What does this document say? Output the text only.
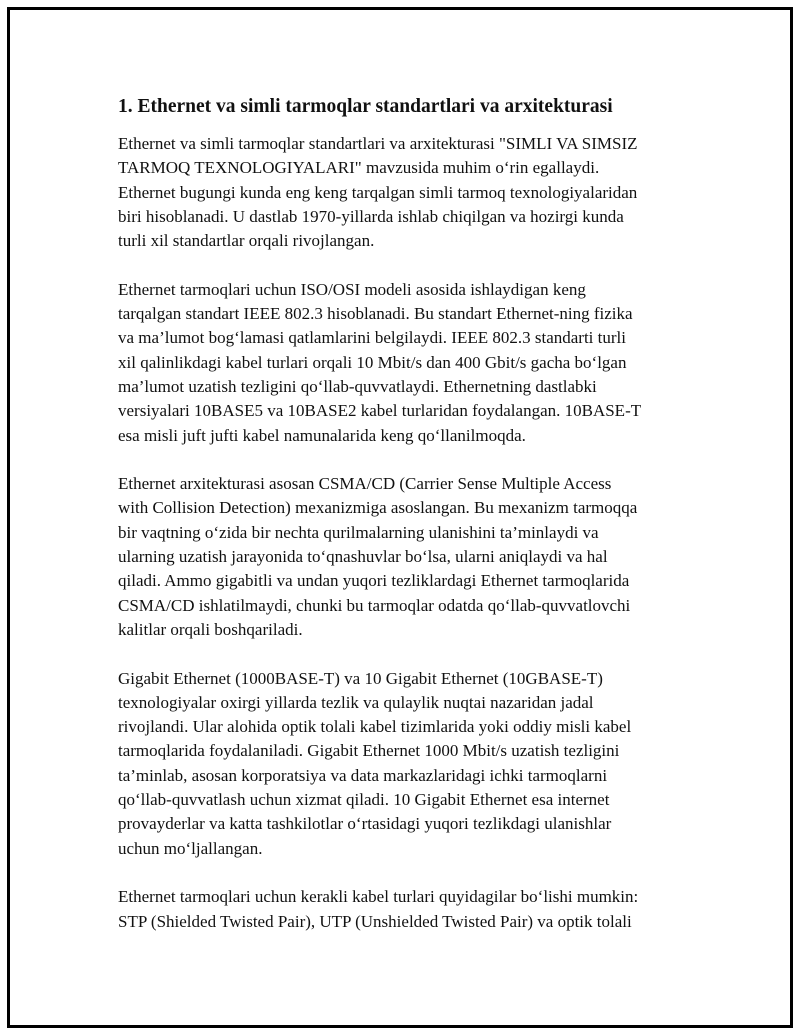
1. Ethernet va simli tarmoqlar standartlari va arxitekturasi

Ethernet va simli tarmoqlar standartlari va arxitekturasi "SIMLI VA SIMSIZ
TARMOQ TEXNOLOGIYALARI" mavzusida muhim o‘rin egallaydi.
Ethernet bugungi kunda eng keng tarqalgan simli tarmoq texnologiyalaridan
biri hisoblanadi. U dastlab 1970-yillarda ishlab chiqilgan va hozirgi kunda
turli xil standartlar orqali rivojlangan.

Ethernet tarmoqlari uchun ISO/OSI modeli asosida ishlaydigan keng
tarqalgan standart IEEE 802.3 hisoblanadi. Bu standart Ethernet-ning fizika
va ma’lumot bog‘lamasi qatlamlarini belgilaydi. IEEE 802.3 standarti turli
xil qalinlikdagi kabel turlari orqali 10 Mbit/s dan 400 Gbit/s gacha bo‘lgan
ma’lumot uzatish tezligini qo‘llab-quvvatlaydi. Ethernetning dastlabki
versiyalari 10BASE5 va 10BASE2 kabel turlaridan foydalangan. 10BASE-T
esa misli juft jufti kabel namunalarida keng qo‘llanilmoqda.

Ethernet arxitekturasi asosan CSMA/CD (Carrier Sense Multiple Access
with Collision Detection) mexanizmiga asoslangan. Bu mexanizm tarmoqqa
bir vaqtning o‘zida bir nechta qurilmalarning ulanishini ta’minlaydi va
ularning uzatish jarayonida to‘qnashuvlar bo‘lsa, ularni aniqlaydi va hal
qiladi. Ammo gigabitli va undan yuqori tezliklardagi Ethernet tarmoqlarida
CSMA/CD ishlatilmaydi, chunki bu tarmoqlar odatda qo‘llab-quvvatlovchi
kalitlar orqali boshqariladi.

Gigabit Ethernet (1000BASE-T) va 10 Gigabit Ethernet (10GBASE-T)
texnologiyalar oxirgi yillarda tezlik va qulaylik nuqtai nazaridan jadal
rivojlandi. Ular alohida optik tolali kabel tizimlarida yoki oddiy misli kabel
tarmoqlarida foydalaniladi. Gigabit Ethernet 1000 Mbit/s uzatish tezligini
ta’minlab, asosan korporatsiya va data markazlaridagi ichki tarmoqlarni
qo‘llab-quvvatlash uchun xizmat qiladi. 10 Gigabit Ethernet esa internet
provayderlar va katta tashkilotlar o‘rtasidagi yuqori tezlikdagi ulanishlar
uchun mo‘ljallangan.

Ethernet tarmoqlari uchun kerakli kabel turlari quyidagilar bo‘lishi mumkin:
STP (Shielded Twisted Pair), UTP (Unshielded Twisted Pair) va optik tolali
